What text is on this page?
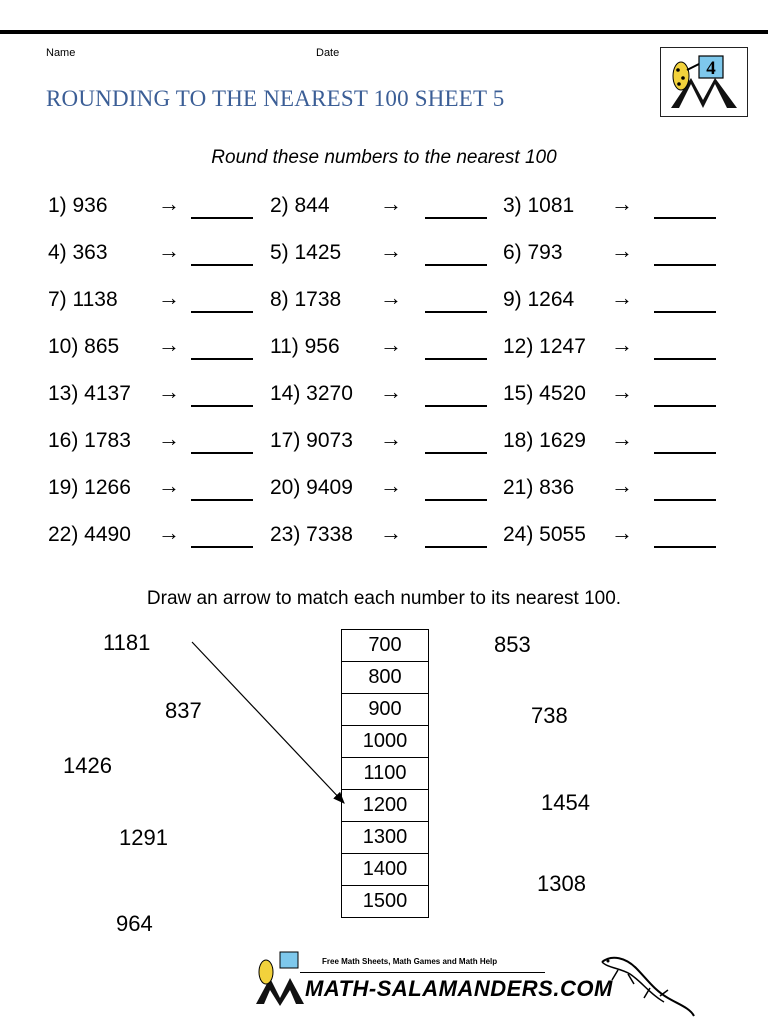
Name	Date
ROUNDING TO THE NEAREST 100 SHEET 5
4
Round these numbers to the nearest 100
1) 936 →	2) 844 →	3) 1081 →
4) 363 →	5) 1425 →	6) 793 →
7) 1138 →	8) 1738 →	9) 1264 →
10) 865 →	11) 956 →	12) 1247 →
13) 4137 →	14) 3270 →	15) 4520 →
16) 1783 →	17) 9073 →	18) 1629 →
19) 1266 →	20) 9409 →	21) 836 →
22) 4490 →	23) 7338 →	24) 5055 →
Draw an arrow to match each number to its nearest 100.
1181
837
1426
1291
964
700
800
900
1000
1100
1200
1300
1400
1500
853
738
1454
1308
Free Math Sheets, Math Games and Math Help
MATH-SALAMANDERS.COM
